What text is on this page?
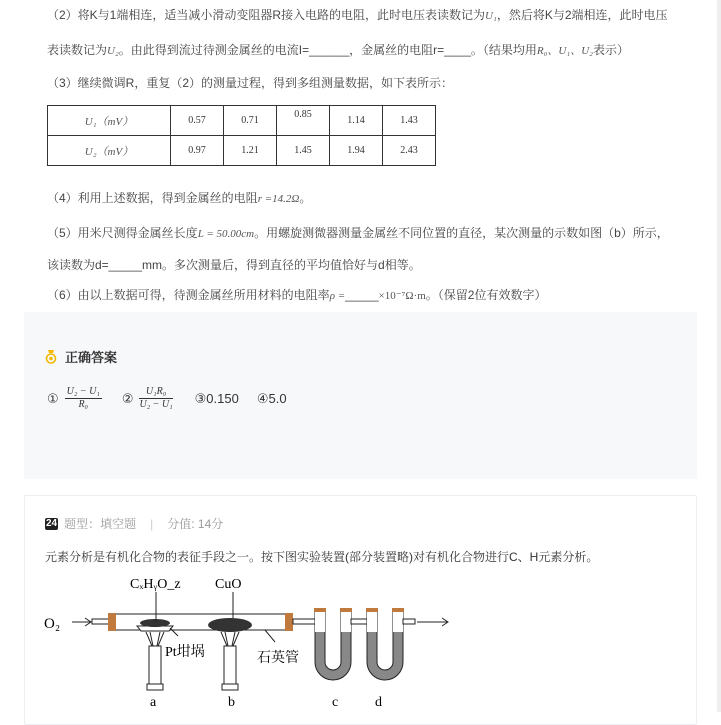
（2）将K与1端相连，适当减小滑动变阻器R接入电路的电阻，此时电压表读数记为U₁，然后将K与2端相连，此时电压
表读数记为U₂。由此得到流过待测金属丝的电流I=______，金属丝的电阻r=____。（结果均用R₀、U₁、U₂表示）
（3）继续微调R，重复（2）的测量过程，得到多组测量数据，如下表所示：
U₁（mV）	0.57	0.71	0.85	1.14	1.43
U₂（mV）	0.97	1.21	1.45	1.94	2.43
（4）利用上述数据，得到金属丝的电阻r =14.2Ω。
（5）用米尺测得金属丝长度L = 50.00cm。用螺旋测微器测量金属丝不同位置的直径，某次测量的示数如图（b）所示，
该读数为d=_____mm。多次测量后，得到直径的平均值恰好与d相等。
（6）由以上数据可得，待测金属丝所用材料的电阻率ρ =_____×10⁻⁷Ω·m。（保留2位有效数字）
正确答案
① $\frac{\text{U₂ − U₁}}{\text{R₀}}$ ② $\frac{\text{U₁R₀}}{\text{U₂ − U₁}}$ ③ 0.150 ④ 5.0
24 题型：填空题 | 分值: 14分
元素分析是有机化合物的表征手段之一。按下图实验装置(部分装置略)对有机化合物进行C、H元素分析。
O₂
CₓHᵧO_z CuO
Pt坩埚	石英管
a	b	c	d
